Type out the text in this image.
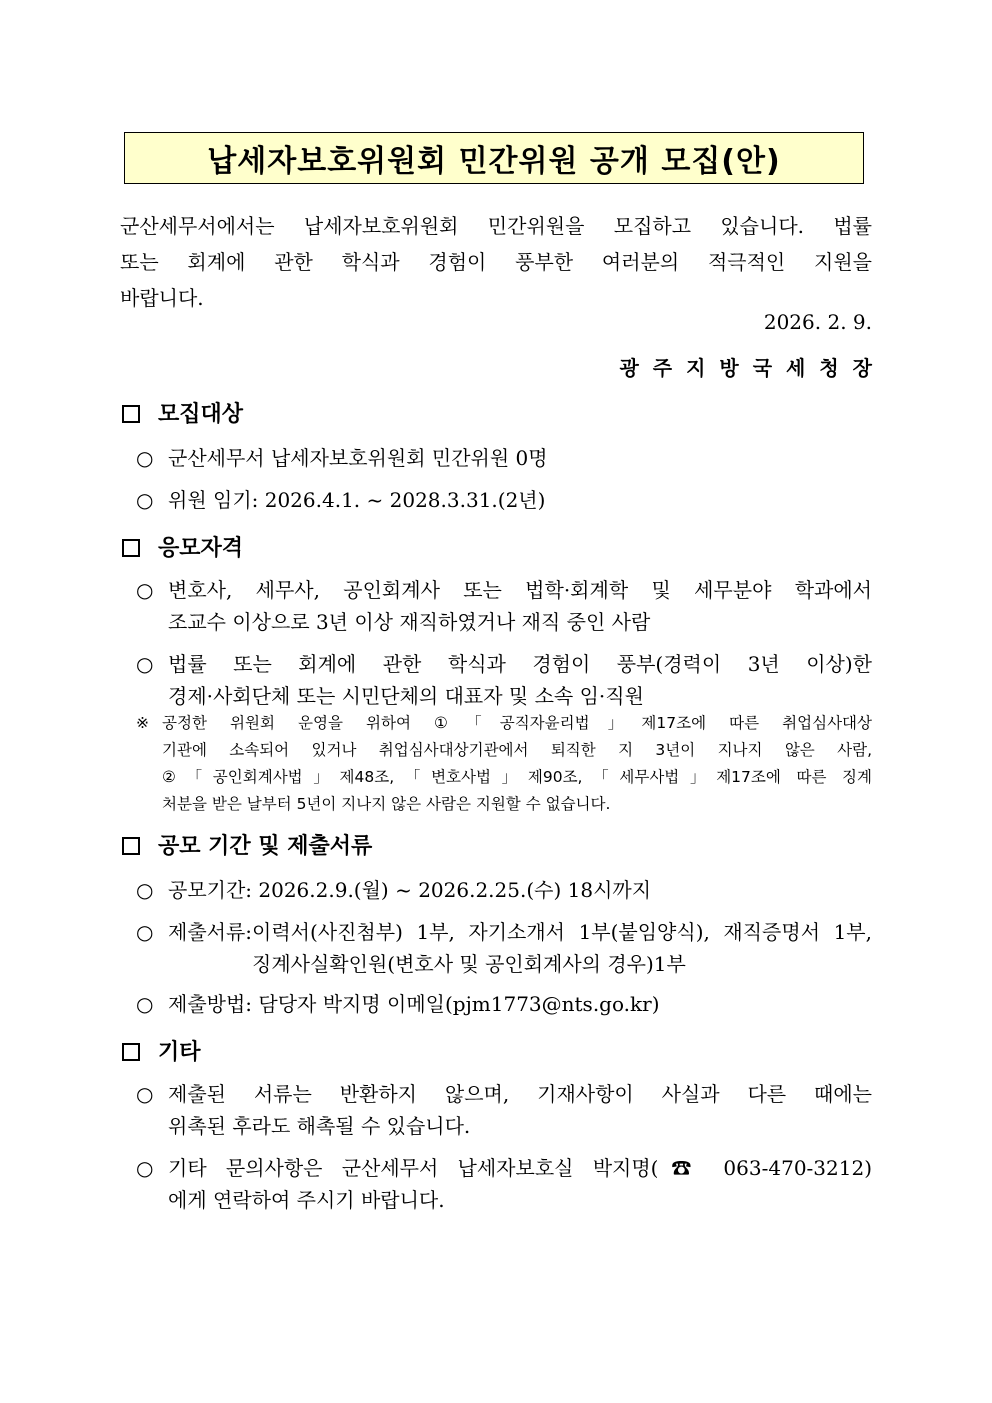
납세자보호위원회 민간위원 공개 모집(안)
군산세무서에서는 납세자보호위원회 민간위원을 모집하고 있습니다. 법률
또는 회계에 관한 학식과 경험이 풍부한 여러분의 적극적인 지원을
바랍니다.
2026. 2. 9.
광주지방국세청장
모집대상
○ 군산세무서 납세자보호위원회 민간위원 0명
○ 위원 임기: 2026.4.1. ~ 2028.3.31.(2년)
응모자격
○ 변호사, 세무사, 공인회계사 또는 법학·회계학 및 세무분야 학과에서
조교수 이상으로 3년 이상 재직하였거나 재직 중인 사람
○ 법률 또는 회계에 관한 학식과 경험이 풍부(경력이 3년 이상)한
경제·사회단체 또는 시민단체의 대표자 및 소속 임·직원
※ 공정한 위원회 운영을 위하여 ①「공직자윤리법」제17조에 따른 취업심사대상
기관에 소속되어 있거나 취업심사대상기관에서 퇴직한 지 3년이 지나지 않은 사람,
②「공인회계사법」제48조,「변호사법」제90조,「세무사법」제17조에 따른 징계
처분을 받은 날부터 5년이 지나지 않은 사람은 지원할 수 없습니다.
공모 기간 및 제출서류
○ 공모기간: 2026.2.9.(월) ~ 2026.2.25.(수) 18시까지
○ 제출서류: 이력서(사진첨부) 1부, 자기소개서 1부(붙임양식), 재직증명서 1부,
징계사실확인원(변호사 및 공인회계사의 경우)1부
○ 제출방법: 담당자 박지명 이메일(pjm1773@nts.go.kr)
기타
○ 제출된 서류는 반환하지 않으며, 기재사항이 사실과 다른 때에는
위촉된 후라도 해촉될 수 있습니다.
○ 기타 문의사항은 군산세무서 납세자보호실 박지명(☎ 063-470-3212)
에게 연락하여 주시기 바랍니다.
